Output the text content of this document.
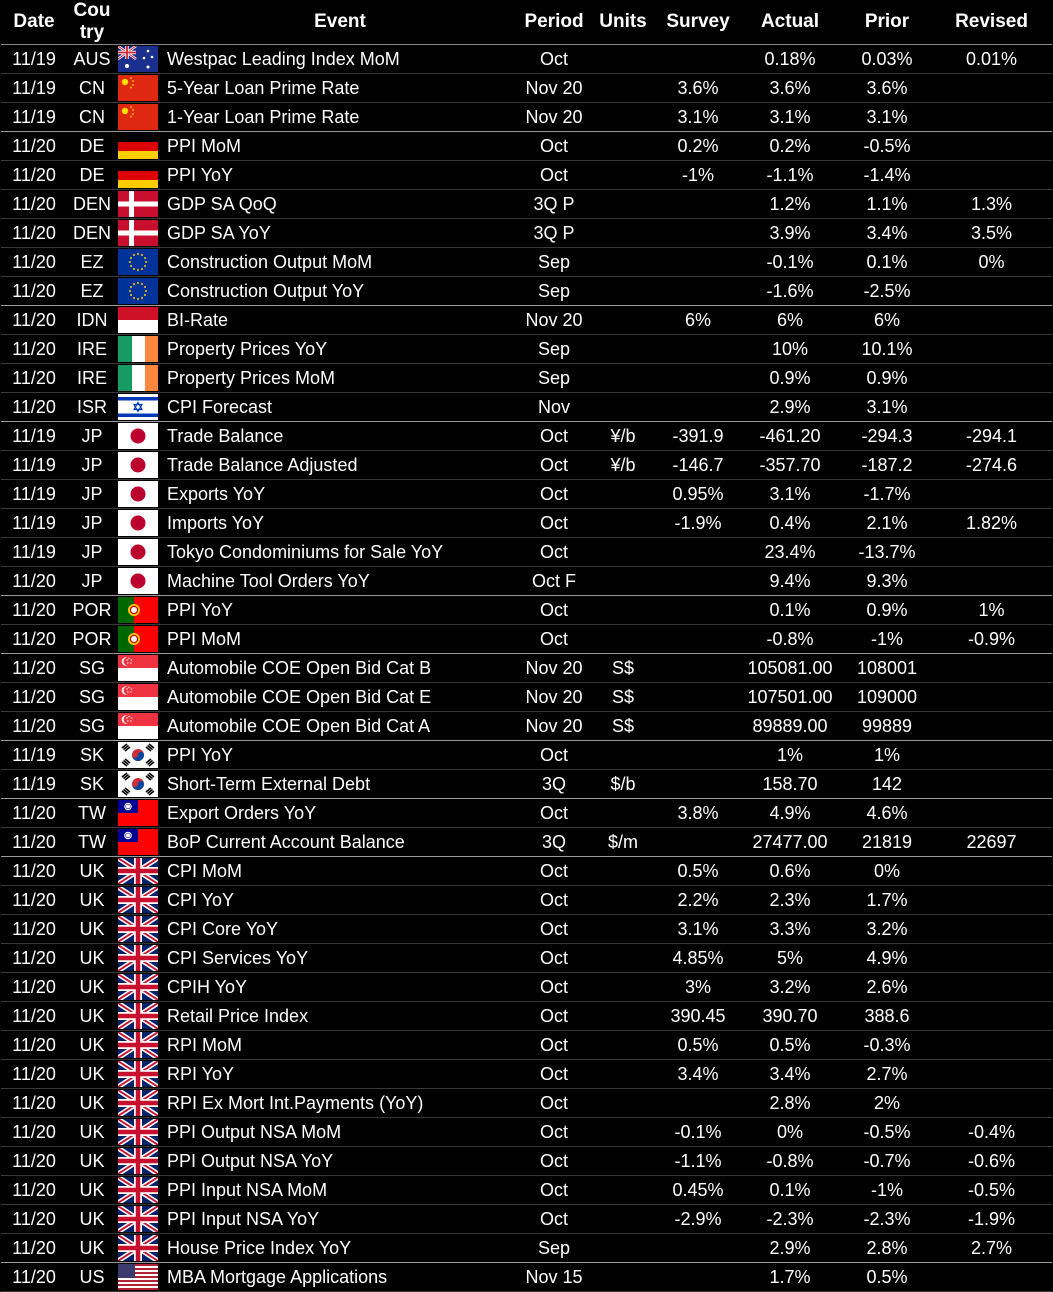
Date	Cou try		Event	Period	Units	Survey	Actual	Prior	Revised
11/19	AUS		Westpac Leading Index MoM	Oct			0.18%	0.03%	0.01%
11/19	CN		5-Year Loan Prime Rate	Nov 20		3.6%	3.6%	3.6%	
11/19	CN		1-Year Loan Prime Rate	Nov 20		3.1%	3.1%	3.1%	
11/20	DE		PPI MoM	Oct		0.2%	0.2%	-0.5%	
11/20	DE		PPI YoY	Oct		-1%	-1.1%	-1.4%	
11/20	DEN		GDP SA QoQ	3Q P			1.2%	1.1%	1.3%
11/20	DEN		GDP SA YoY	3Q P			3.9%	3.4%	3.5%
11/20	EZ		Construction Output MoM	Sep			-0.1%	0.1%	0%
11/20	EZ		Construction Output YoY	Sep			-1.6%	-2.5%	
11/20	IDN		BI-Rate	Nov 20		6%	6%	6%	
11/20	IRE		Property Prices YoY	Sep			10%	10.1%	
11/20	IRE		Property Prices MoM	Sep			0.9%	0.9%	
11/20	ISR		CPI Forecast	Nov			2.9%	3.1%	
11/19	JP		Trade Balance	Oct	¥/b	-391.9	-461.20	-294.3	-294.1
11/19	JP		Trade Balance Adjusted	Oct	¥/b	-146.7	-357.70	-187.2	-274.6
11/19	JP		Exports YoY	Oct		0.95%	3.1%	-1.7%	
11/19	JP		Imports YoY	Oct		-1.9%	0.4%	2.1%	1.82%
11/19	JP		Tokyo Condominiums for Sale YoY	Oct			23.4%	-13.7%	
11/20	JP		Machine Tool Orders YoY	Oct F			9.4%	9.3%	
11/20	POR		PPI YoY	Oct			0.1%	0.9%	1%
11/20	POR		PPI MoM	Oct			-0.8%	-1%	-0.9%
11/20	SG		Automobile COE Open Bid Cat B	Nov 20	S$		105081.00	108001	
11/20	SG		Automobile COE Open Bid Cat E	Nov 20	S$		107501.00	109000	
11/20	SG		Automobile COE Open Bid Cat A	Nov 20	S$		89889.00	99889	
11/19	SK		PPI YoY	Oct			1%	1%	
11/19	SK		Short-Term External Debt	3Q	$/b		158.70	142	
11/20	TW		Export Orders YoY	Oct		3.8%	4.9%	4.6%	
11/20	TW		BoP Current Account Balance	3Q	$/m		27477.00	21819	22697
11/20	UK		CPI MoM	Oct		0.5%	0.6%	0%	
11/20	UK		CPI YoY	Oct		2.2%	2.3%	1.7%	
11/20	UK		CPI Core YoY	Oct		3.1%	3.3%	3.2%	
11/20	UK		CPI Services YoY	Oct		4.85%	5%	4.9%	
11/20	UK		CPIH YoY	Oct		3%	3.2%	2.6%	
11/20	UK		Retail Price Index	Oct		390.45	390.70	388.6	
11/20	UK		RPI MoM	Oct		0.5%	0.5%	-0.3%	
11/20	UK		RPI YoY	Oct		3.4%	3.4%	2.7%	
11/20	UK		RPI Ex Mort Int.Payments (YoY)	Oct			2.8%	2%	
11/20	UK		PPI Output NSA MoM	Oct		-0.1%	0%	-0.5%	-0.4%
11/20	UK		PPI Output NSA YoY	Oct		-1.1%	-0.8%	-0.7%	-0.6%
11/20	UK		PPI Input NSA MoM	Oct		0.45%	0.1%	-1%	-0.5%
11/20	UK		PPI Input NSA YoY	Oct		-2.9%	-2.3%	-2.3%	-1.9%
11/20	UK		House Price Index YoY	Sep			2.9%	2.8%	2.7%
11/20	US		MBA Mortgage Applications	Nov 15			1.7%	0.5%	
